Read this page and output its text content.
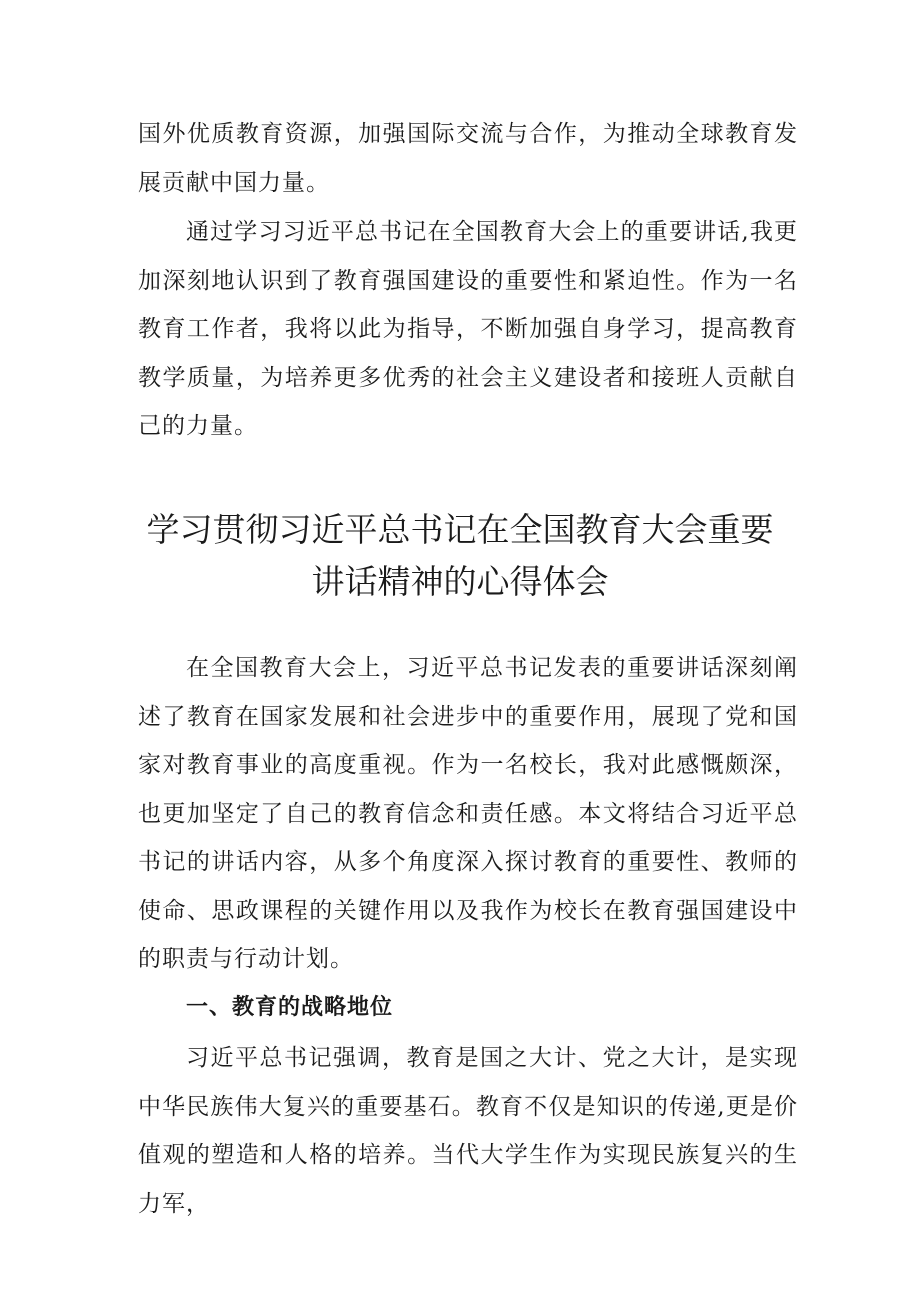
国外优质教育资源，加强国际交流与合作，为推动全球教育发展贡献中国力量。

通过学习习近平总书记在全国教育大会上的重要讲话,我更加深刻地认识到了教育强国建设的重要性和紧迫性。作为一名教育工作者，我将以此为指导，不断加强自身学习，提高教育教学质量，为培养更多优秀的社会主义建设者和接班人贡献自己的力量。

学习贯彻习近平总书记在全国教育大会重要讲话精神的心得体会

在全国教育大会上，习近平总书记发表的重要讲话深刻阐述了教育在国家发展和社会进步中的重要作用，展现了党和国家对教育事业的高度重视。作为一名校长，我对此感慨颇深，也更加坚定了自己的教育信念和责任感。本文将结合习近平总书记的讲话内容，从多个角度深入探讨教育的重要性、教师的使命、思政课程的关键作用以及我作为校长在教育强国建设中的职责与行动计划。

一、教育的战略地位

习近平总书记强调，教育是国之大计、党之大计，是实现中华民族伟大复兴的重要基石。教育不仅是知识的传递,更是价值观的塑造和人格的培养。当代大学生作为实现民族复兴的生力军，
